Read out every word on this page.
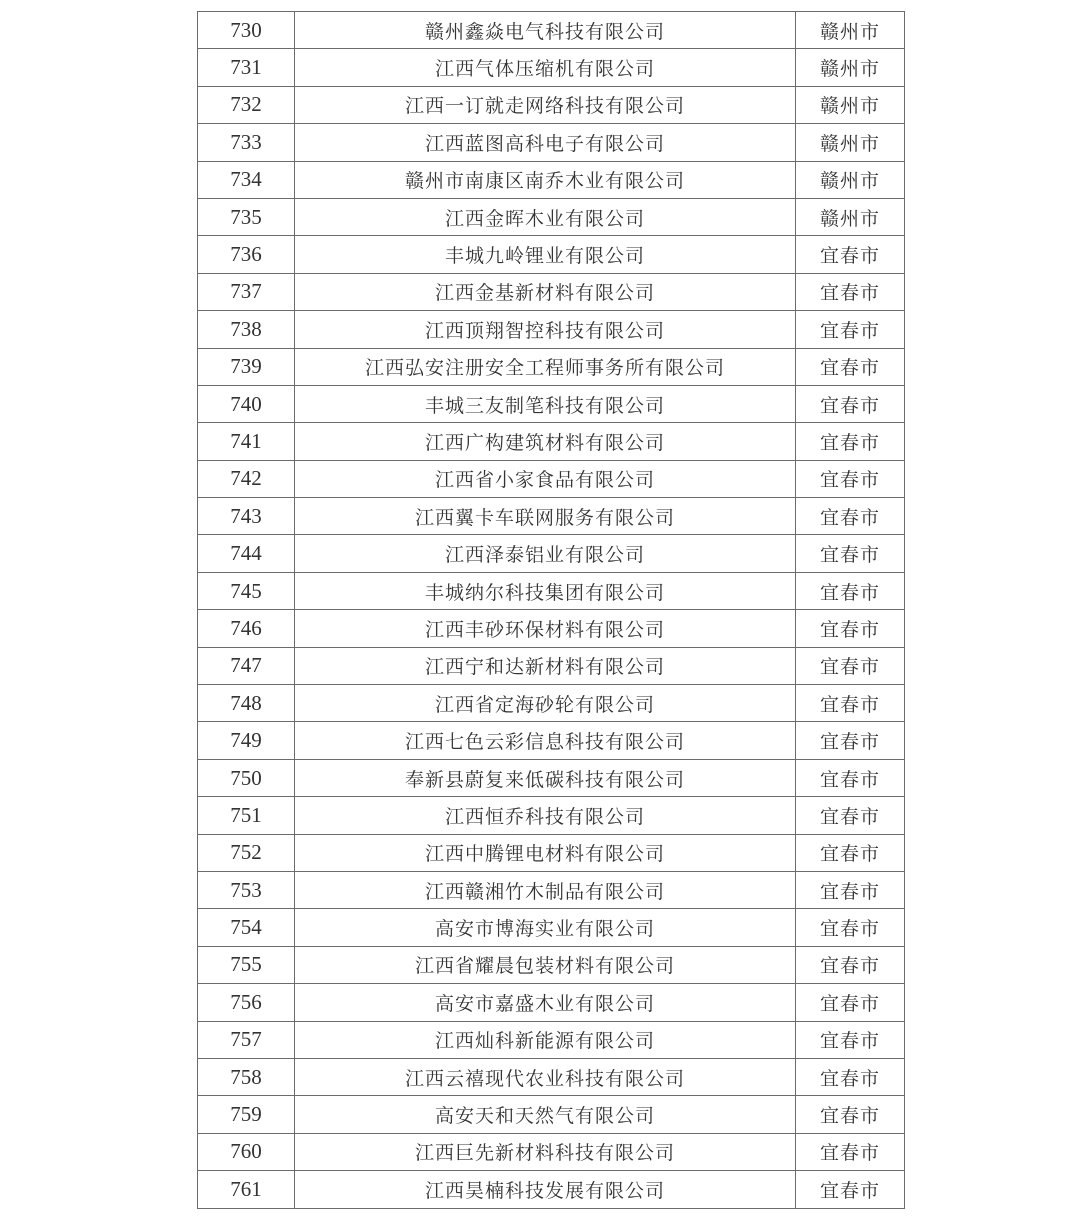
730	赣州鑫焱电气科技有限公司	赣州市
731	江西气体压缩机有限公司	赣州市
732	江西一订就走网络科技有限公司	赣州市
733	江西蓝图高科电子有限公司	赣州市
734	赣州市南康区南乔木业有限公司	赣州市
735	江西金晖木业有限公司	赣州市
736	丰城九岭锂业有限公司	宜春市
737	江西金基新材料有限公司	宜春市
738	江西顶翔智控科技有限公司	宜春市
739	江西弘安注册安全工程师事务所有限公司	宜春市
740	丰城三友制笔科技有限公司	宜春市
741	江西广构建筑材料有限公司	宜春市
742	江西省小家食品有限公司	宜春市
743	江西翼卡车联网服务有限公司	宜春市
744	江西泽泰铝业有限公司	宜春市
745	丰城纳尔科技集团有限公司	宜春市
746	江西丰砂环保材料有限公司	宜春市
747	江西宁和达新材料有限公司	宜春市
748	江西省定海砂轮有限公司	宜春市
749	江西七色云彩信息科技有限公司	宜春市
750	奉新县蔚复来低碳科技有限公司	宜春市
751	江西恒乔科技有限公司	宜春市
752	江西中腾锂电材料有限公司	宜春市
753	江西赣湘竹木制品有限公司	宜春市
754	高安市博海实业有限公司	宜春市
755	江西省耀晨包装材料有限公司	宜春市
756	高安市嘉盛木业有限公司	宜春市
757	江西灿科新能源有限公司	宜春市
758	江西云禧现代农业科技有限公司	宜春市
759	高安天和天然气有限公司	宜春市
760	江西巨先新材料科技有限公司	宜春市
761	江西昊楠科技发展有限公司	宜春市
